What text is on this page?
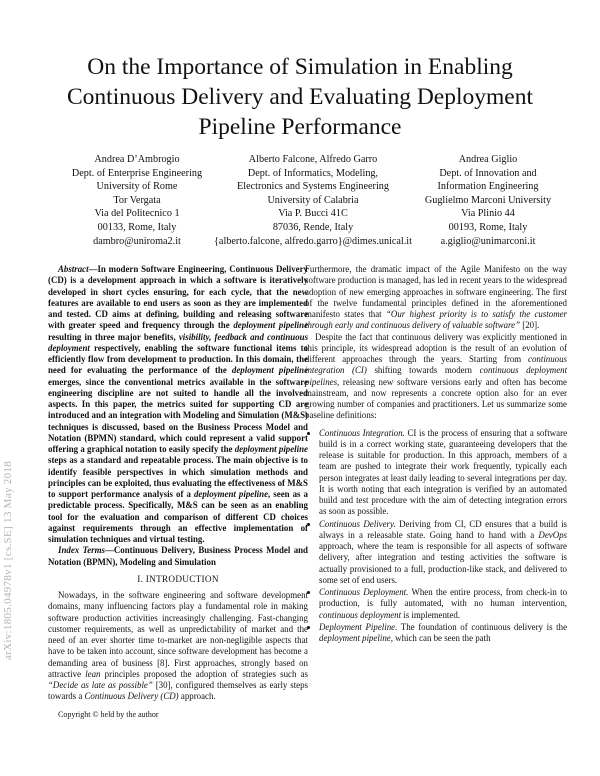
On the Importance of Simulation in Enabling Continuous Delivery and Evaluating Deployment Pipeline Performance
Andrea D’Ambrogio
Dept. of Enterprise Engineering
University of Rome
Tor Vergata
Via del Politecnico 1
00133, Rome, Italy
dambro@uniroma2.it
Alberto Falcone, Alfredo Garro
Dept. of Informatics, Modeling,
Electronics and Systems Engineering
University of Calabria
Via P. Bucci 41C
87036, Rende, Italy
{alberto.falcone, alfredo.garro}@dimes.unical.it
Andrea Giglio
Dept. of Innovation and
Information Engineering
Guglielmo Marconi University
Via Plinio 44
00193, Rome, Italy
a.giglio@unimarconi.it
arXiv:1805.04978v1 [cs.SE] 13 May 2018

Abstract—In modern Software Engineering, Continuous Delivery (CD) is a development approach in which a software is iteratively developed in short cycles ensuring, for each cycle, that the new features are available to end users as soon as they are implemented and tested. CD aims at defining, building and releasing software with greater speed and frequency through the deployment pipeline resulting in three major benefits, visibility, feedback and continuous deployment respectively, enabling the software functional items to efficiently flow from development to production. In this domain, the need for evaluating the performance of the deployment pipeline emerges, since the conventional metrics available in the software engineering discipline are not suited to handle all the involved aspects. In this paper, the metrics suited for supporting CD are introduced and an integration with Modeling and Simulation (M&S) techniques is discussed, based on the Business Process Model and Notation (BPMN) standard, which could represent a valid support offering a graphical notation to easily specify the deployment pipeline steps as a standard and repeatable process. The main objective is to identify feasible perspectives in which simulation methods and principles can be exploited, thus evaluating the effectiveness of M&S to support performance analysis of a deployment pipeline, seen as a predictable process. Specifically, M&S can be seen as an enabling tool for the evaluation and comparison of different CD choices against requirements through an effective implementation of simulation techniques and virtual testing.

Index Terms—Continuous Delivery, Business Process Model and Notation (BPMN), Modeling and Simulation

I. INTRODUCTION

Nowadays, in the software engineering and software development domains, many influencing factors play a fundamental role in making software production activities increasingly challenging. Fast-changing customer requirements, as well as unpredictability of market and the need of an ever shorter time to-market are non-negligible aspects that have to be taken into account, since software development has become a demanding area of business [8]. First approaches, strongly based on attractive lean principles proposed the adoption of strategies such as “Decide as late as possible” [30], configured themselves as early steps towards a Continuous Delivery (CD) approach.

Copyright © held by the author

Furthermore, the dramatic impact of the Agile Manifesto on the way software production is managed, has led in recent years to the widespread adoption of new emerging approaches in software engineering. The first of the twelve fundamental principles defined in the aforementioned manifesto states that “Our highest priority is to satisfy the customer through early and continuous delivery of valuable software” [20].

Despite the fact that continuous delivery was explicitly mentioned in this principle, its widespread adoption is the result of an evolution of different approaches through the years. Starting from continuous integration (CI) shifting towards modern continuous deployment pipelines, releasing new software versions early and often has become mainstream, and now represents a concrete option also for an ever growing number of companies and practitioners. Let us summarize some baseline definitions:

• Continuous Integration. CI is the process of ensuring that a software build is in a correct working state, guaranteeing developers that the release is suitable for production. In this approach, members of a team are pushed to integrate their work frequently, typically each person integrates at least daily leading to several integrations per day. It is worth noting that each integration is verified by an automated build and test procedure with the aim of detecting integration errors as soon as possible.
• Continuous Delivery. Deriving from CI, CD ensures that a build is always in a releasable state. Going hand to hand with a DevOps approach, where the team is responsible for all aspects of software delivery, after integration and testing activities the software is actually provisioned to a full, production-like stack, and delivered to some set of end users.
• Continuous Deployment. When the entire process, from check-in to production, is fully automated, with no human intervention, continuous deployment is implemented.
• Deployment Pipeline. The foundation of continuous delivery is the deployment pipeline, which can be seen the path
